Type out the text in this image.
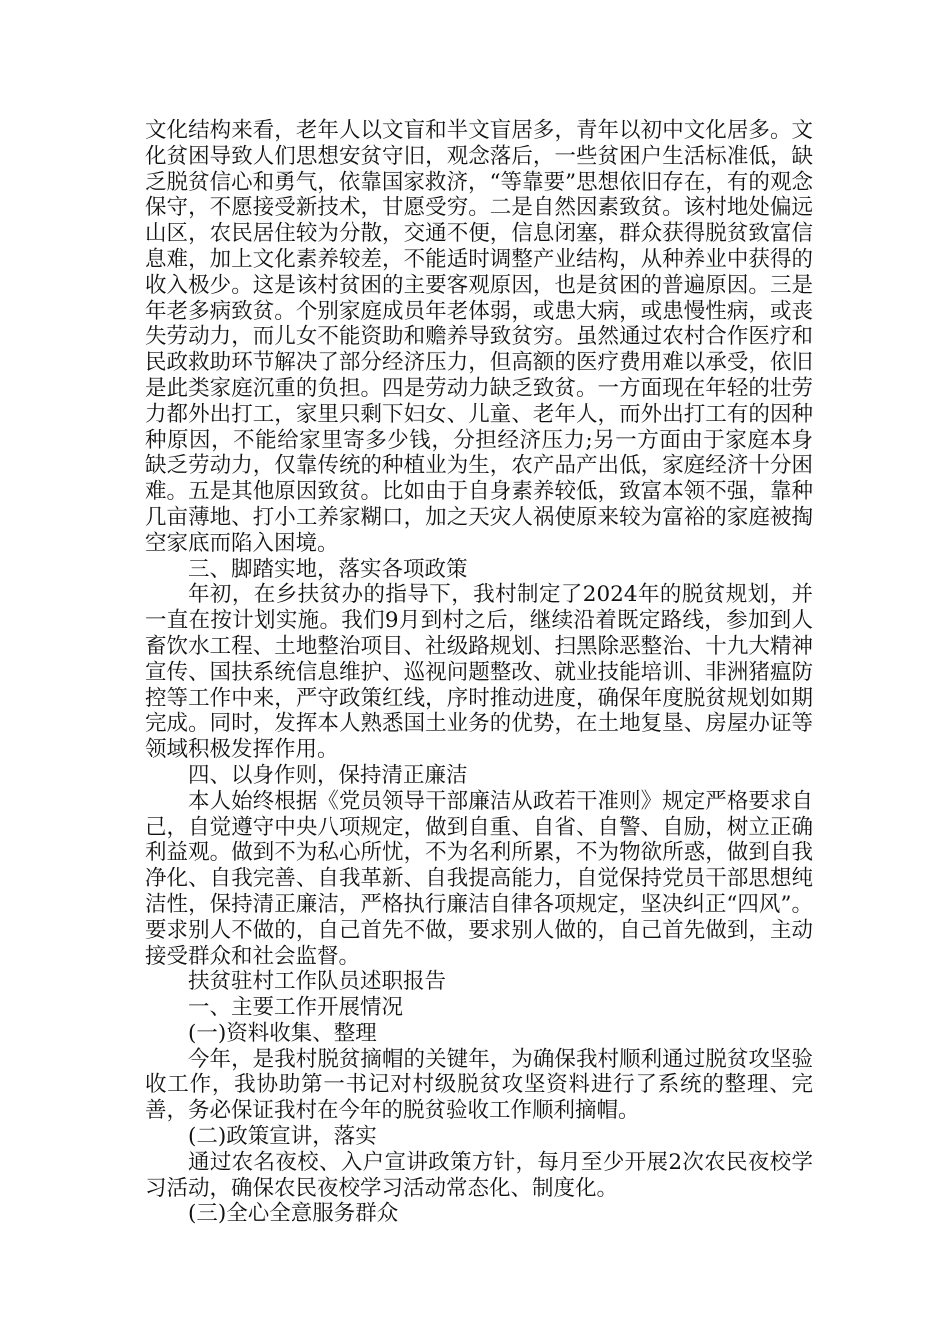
文化结构来看，老年人以文盲和半文盲居多，青年以初中文化居多。文化贫困导致人们思想安贫守旧，观念落后，一些贫困户生活标准低，缺乏脱贫信心和勇气，依靠国家救济，“等靠要”思想依旧存在，有的观念保守，不愿接受新技术，甘愿受穷。二是自然因素致贫。该村地处偏远山区，农民居住较为分散，交通不便，信息闭塞，群众获得脱贫致富信息难，加上文化素养较差，不能适时调整产业结构，从种养业中获得的收入极少。这是该村贫困的主要客观原因，也是贫困的普遍原因。三是年老多病致贫。个别家庭成员年老体弱，或患大病，或患慢性病，或丧失劳动力，而儿女不能资助和赡养导致贫穷。虽然通过农村合作医疗和民政救助环节解决了部分经济压力，但高额的医疗费用难以承受，依旧是此类家庭沉重的负担。四是劳动力缺乏致贫。一方面现在年轻的壮劳力都外出打工，家里只剩下妇女、儿童、老年人，而外出打工有的因种种原因，不能给家里寄多少钱，分担经济压力;另一方面由于家庭本身缺乏劳动力，仅靠传统的种植业为生，农产品产出低，家庭经济十分困难。五是其他原因致贫。比如由于自身素养较低，致富本领不强，靠种几亩薄地、打小工养家糊口，加之天灾人祸使原来较为富裕的家庭被掏空家底而陷入困境。

三、脚踏实地，落实各项政策

年初，在乡扶贫办的指导下，我村制定了2024年的脱贫规划，并一直在按计划实施。我们9月到村之后，继续沿着既定路线，参加到人畜饮水工程、土地整治项目、社级路规划、扫黑除恶整治、十九大精神宣传、国扶系统信息维护、巡视问题整改、就业技能培训、非洲猪瘟防控等工作中来，严守政策红线，序时推动进度，确保年度脱贫规划如期完成。同时，发挥本人熟悉国土业务的优势，在土地复垦、房屋办证等领域积极发挥作用。

四、以身作则，保持清正廉洁

本人始终根据《党员领导干部廉洁从政若干准则》规定严格要求自己，自觉遵守中央八项规定，做到自重、自省、自警、自励，树立正确利益观。做到不为私心所忧，不为名利所累，不为物欲所惑，做到自我净化、自我完善、自我革新、自我提高能力，自觉保持党员干部思想纯洁性，保持清正廉洁，严格执行廉洁自律各项规定，坚决纠正“四风”。要求别人不做的，自己首先不做，要求别人做的，自己首先做到，主动接受群众和社会监督。

扶贫驻村工作队员述职报告

一、主要工作开展情况

(一)资料收集、整理

今年，是我村脱贫摘帽的关键年，为确保我村顺利通过脱贫攻坚验收工作，我协助第一书记对村级脱贫攻坚资料进行了系统的整理、完善，务必保证我村在今年的脱贫验收工作顺利摘帽。

(二)政策宣讲，落实

通过农名夜校、入户宣讲政策方针，每月至少开展2次农民夜校学习活动，确保农民夜校学习活动常态化、制度化。

(三)全心全意服务群众
